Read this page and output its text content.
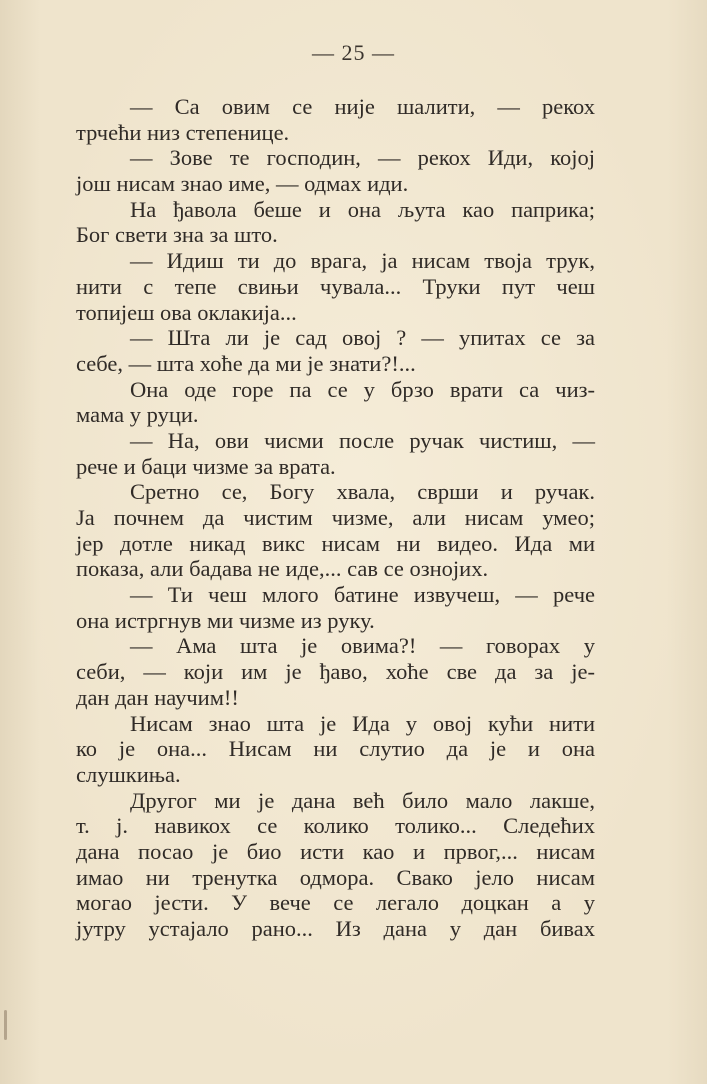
— 25 —
— Са овим се није шалити, — рекох
трчећи низ степенице.
— Зове те господин, — рекох Иди, којој
још нисам знао име, — одмах иди.
На ђавола беше и она љута као паприка;
Бог свети зна за што.
— Идиш ти до врага, ја нисам твоја трук,
нити с тепе свињи чувала... Труки пут чеш
топијеш ова оклакија...
— Шта ли је сад овој ? — упитах се за
себе, — шта хоће да ми је знати?!...
Она оде горе па се у брзо врати са чиз-
мама у руци.
— На, ови чисми после ручак чистиш, —
рече и баци чизме за врата.
Сретно се, Богу хвала, сврши и ручак.
Ја почнем да чистим чизме, али нисам умео;
јер дотле никад викс нисам ни видео. Ида ми
показа, али бадава не иде,... сав се ознојих.
— Ти чеш млого батине извучеш, — рече
она истргнув ми чизме из руку.
— Ама шта је овима?! — говорах у
себи, — који им је ђаво, хоће све да за је-
дан дан научим!!
Нисам знао шта је Ида у овој кући нити
ко је она... Нисам ни слутио да је и она
слушкиња.
Другог ми је дана већ било мало лакше,
т. ј. навикох се колико толико... Следећих
дана посао је био исти као и првог,... нисам
имао ни тренутка одмора. Свако јело нисам
могао јести. У вече се легало доцкан а у
јутру устајало рано... Из дана у дан бивах
